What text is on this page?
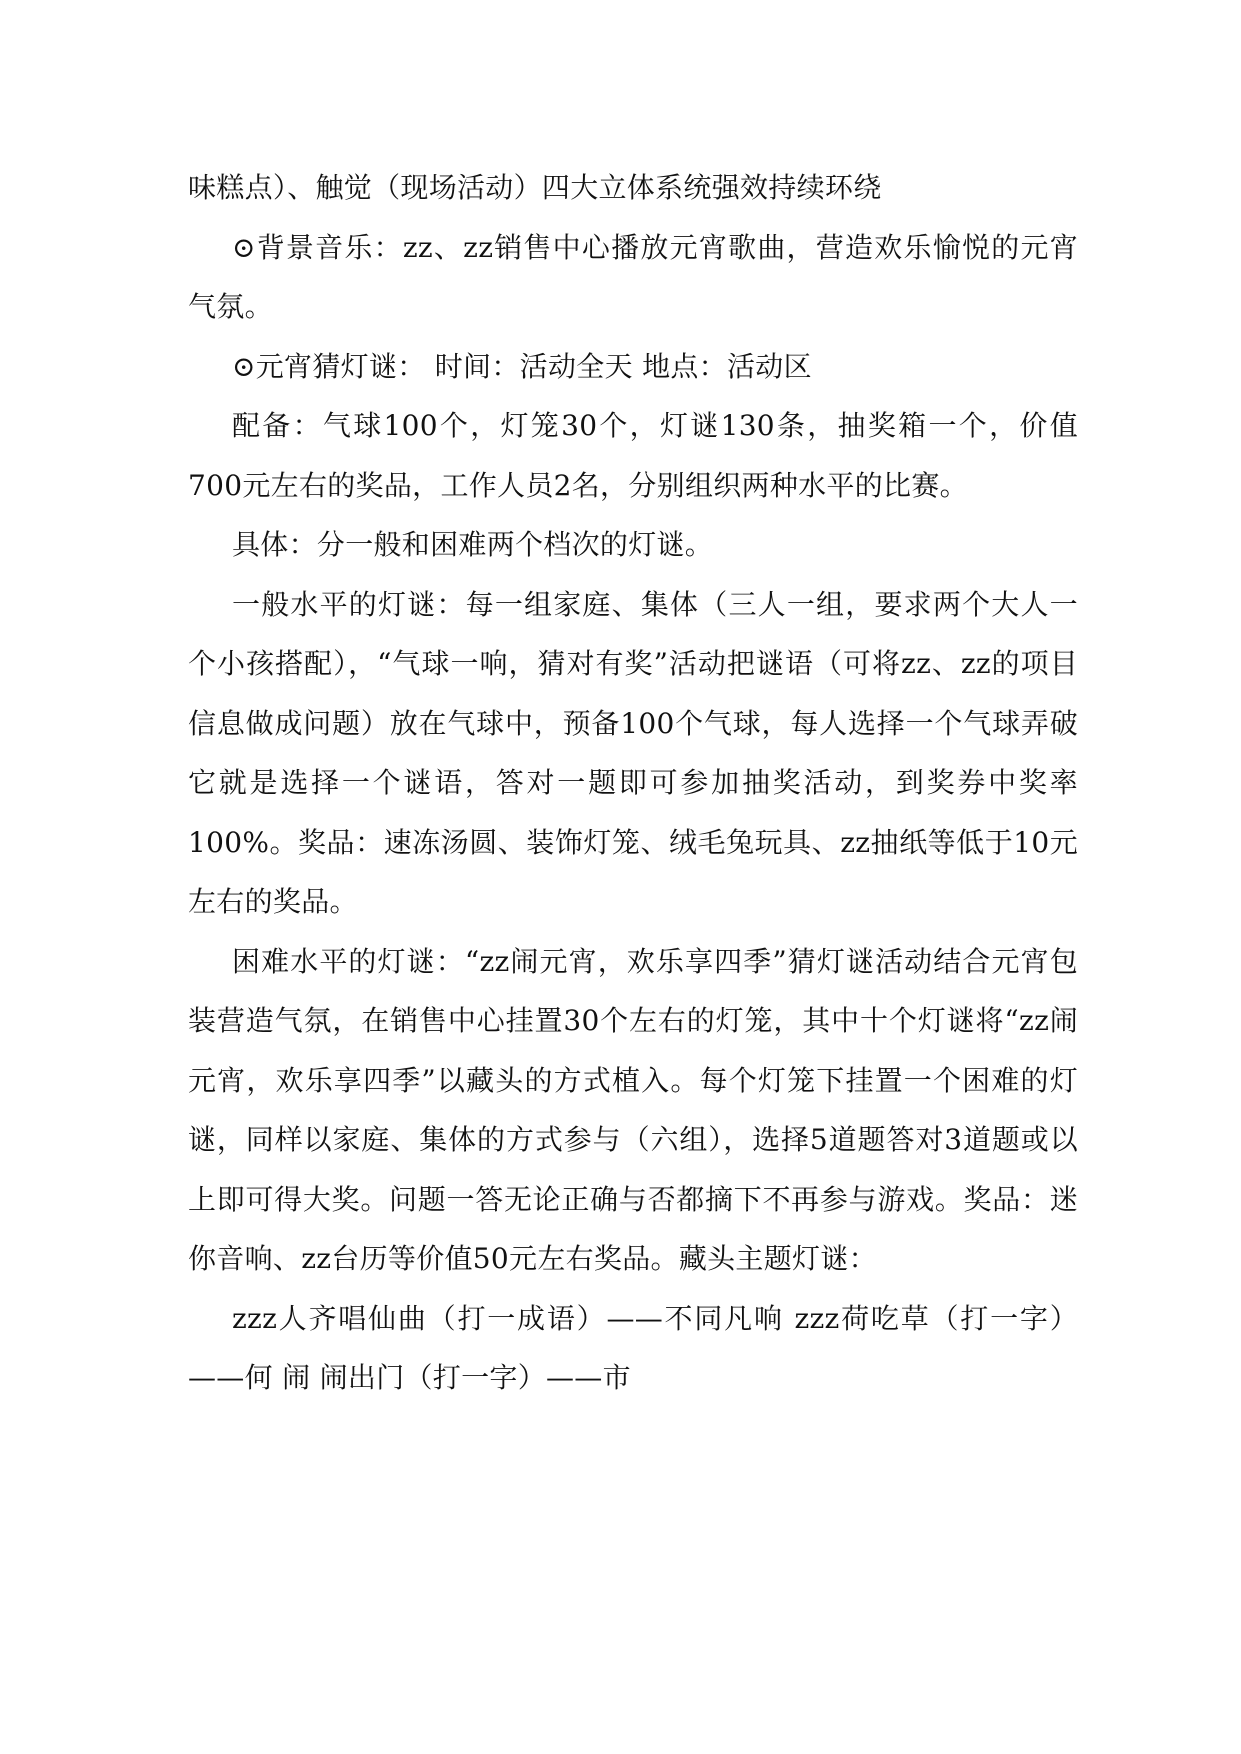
味糕点）、触觉（现场活动）四大立体系统强效持续环绕

⊙背景音乐：zz、zz销售中心播放元宵歌曲，营造欢乐愉悦的元宵气氛。

⊙元宵猜灯谜： 时间：活动全天 地点：活动区

配备：气球100个，灯笼30个，灯谜130条，抽奖箱一个，价值700元左右的奖品，工作人员2名，分别组织两种水平的比赛。

具体：分一般和困难两个档次的灯谜。

一般水平的灯谜：每一组家庭、集体（三人一组，要求两个大人一个小孩搭配），“气球一响，猜对有奖”活动把谜语（可将zz、zz的项目信息做成问题）放在气球中，预备100个气球，每人选择一个气球弄破它就是选择一个谜语，答对一题即可参加抽奖活动，到奖券中奖率100%。奖品：速冻汤圆、装饰灯笼、绒毛兔玩具、zz抽纸等低于10元左右的奖品。

困难水平的灯谜：“zz闹元宵，欢乐享四季”猜灯谜活动结合元宵包装营造气氛，在销售中心挂置30个左右的灯笼，其中十个灯谜将“zz闹元宵，欢乐享四季”以藏头的方式植入。每个灯笼下挂置一个困难的灯谜，同样以家庭、集体的方式参与（六组），选择5道题答对3道题或以上即可得大奖。问题一答无论正确与否都摘下不再参与游戏。奖品：迷你音响、zz台历等价值50元左右奖品。藏头主题灯谜：

zzz人齐唱仙曲（打一成语）——不同凡响 zzz荷吃草（打一字）——何 闹 闹出门（打一字）——市
